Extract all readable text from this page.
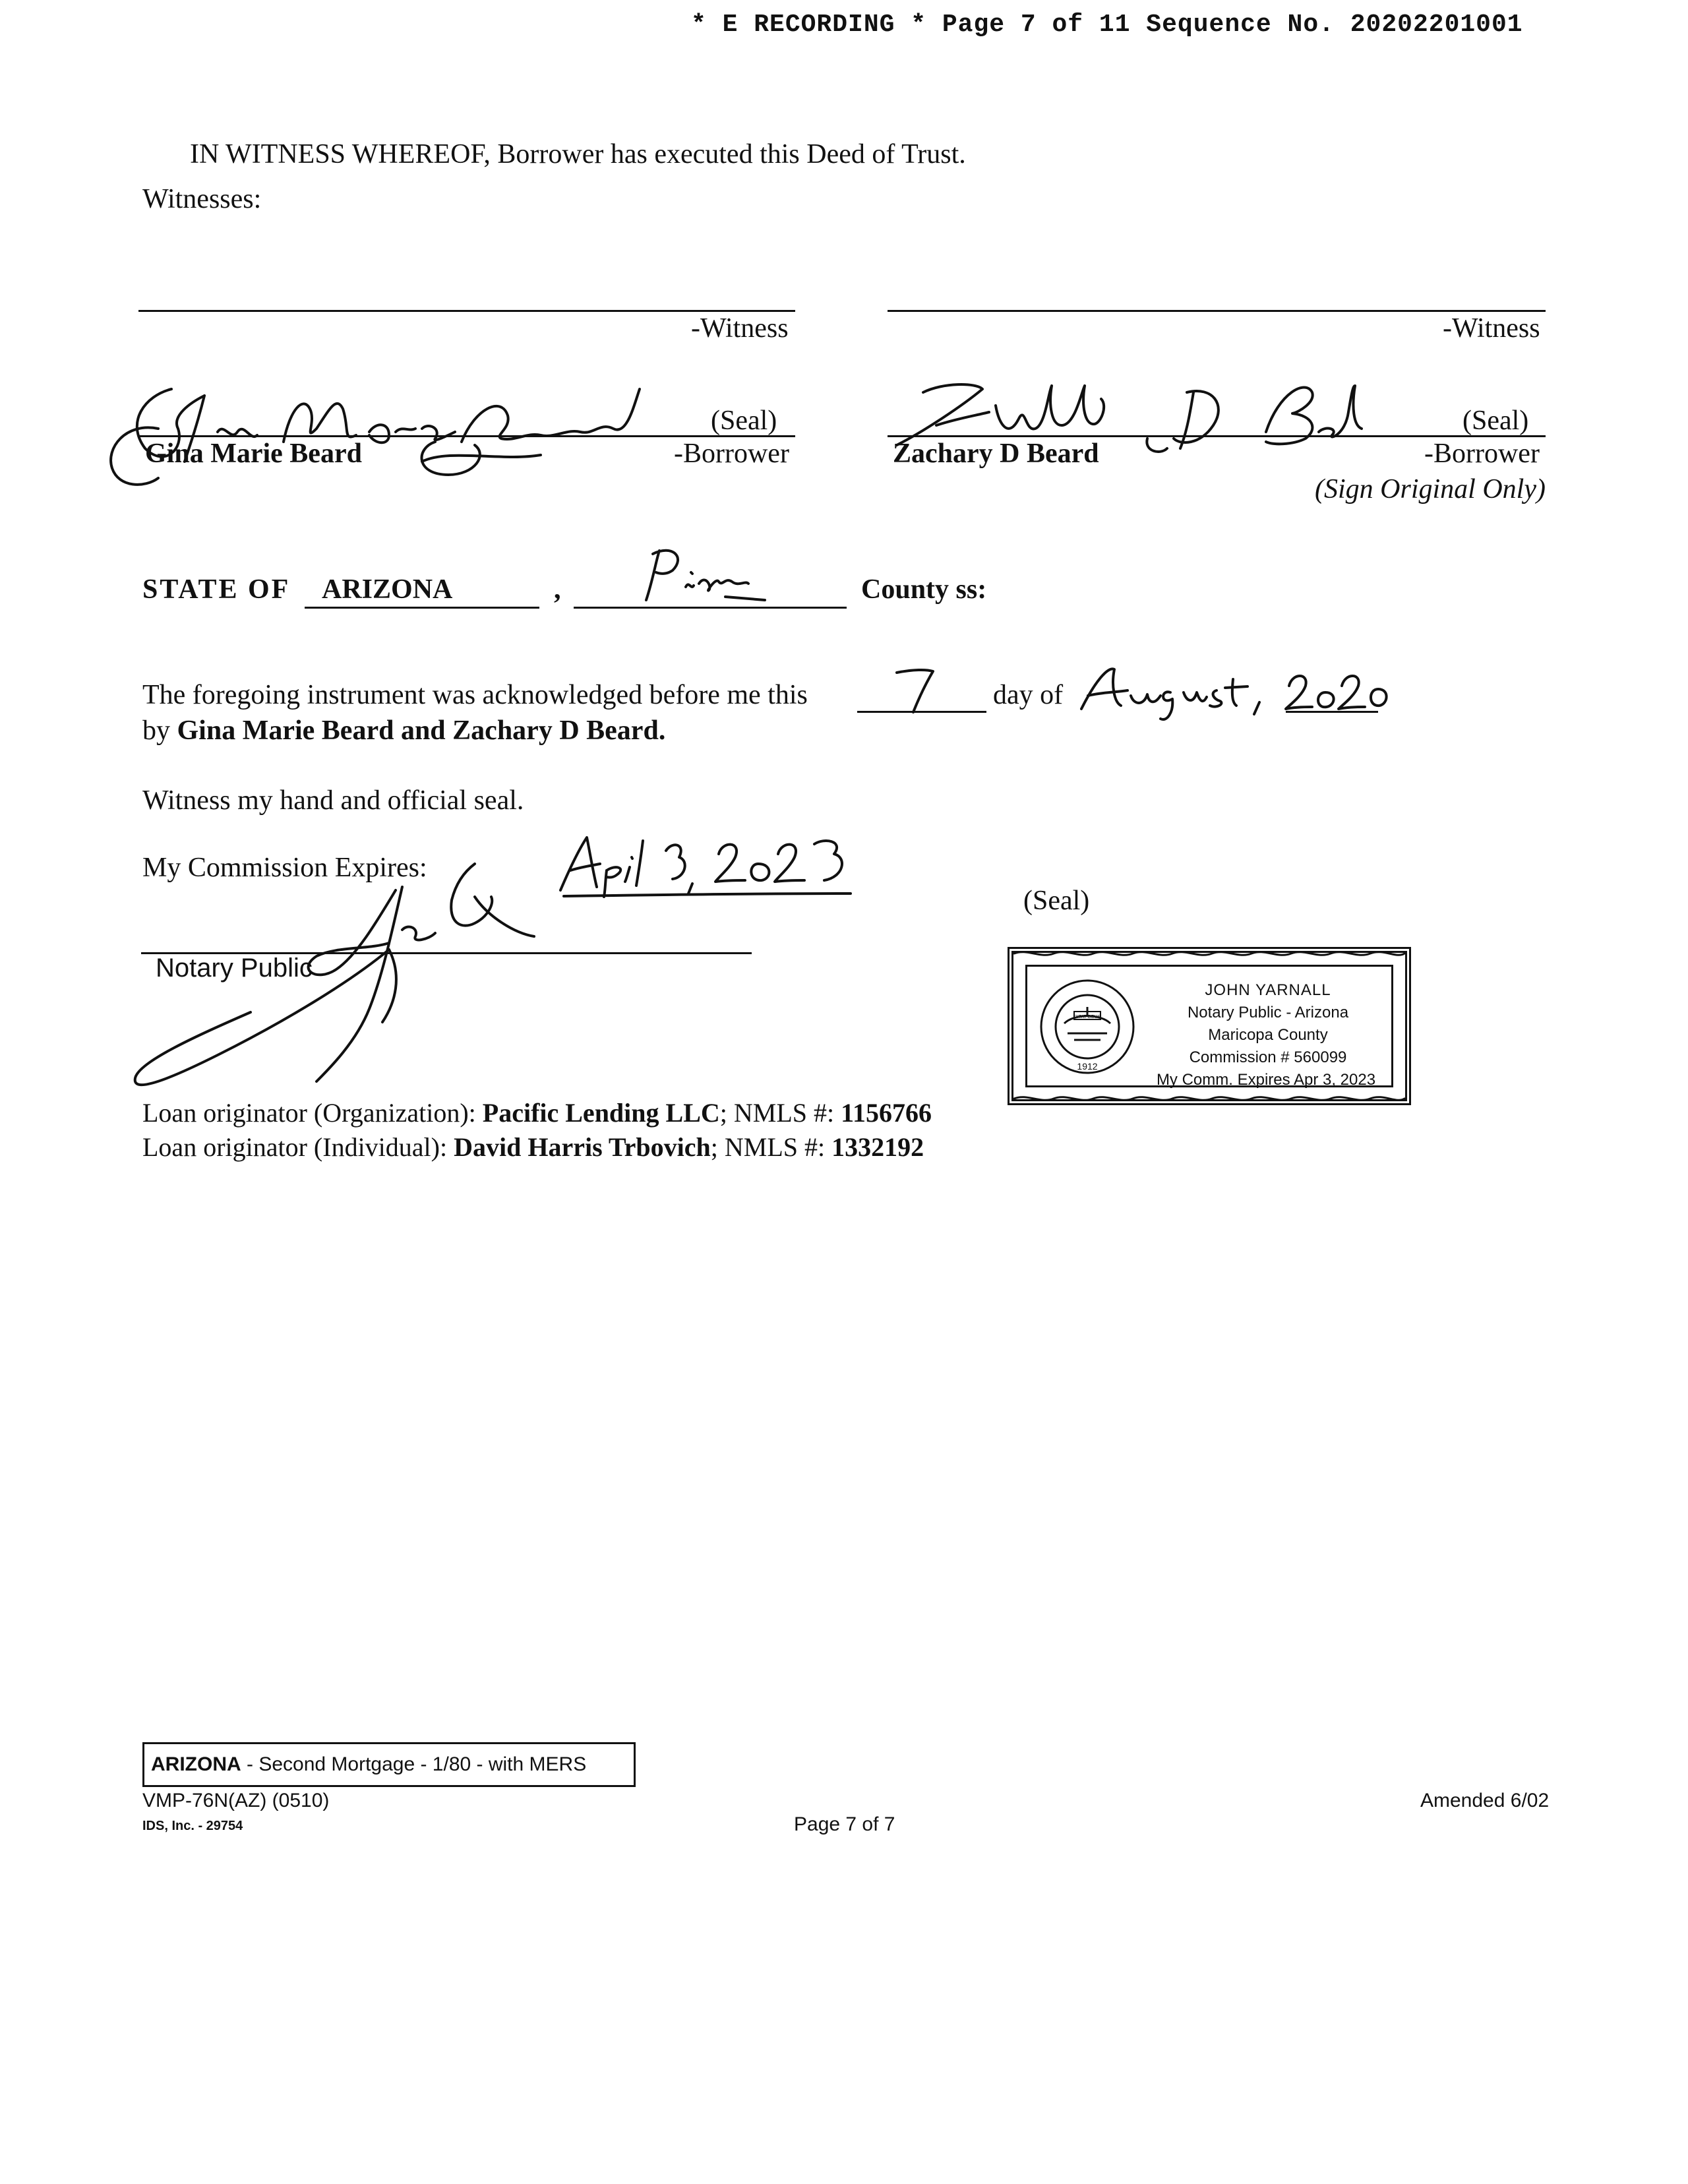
* E RECORDING * Page 7 of 11 Sequence No. 20202201001
IN WITNESS WHEREOF, Borrower has executed this Deed of Trust.
Witnesses:
-Witness	-Witness
(Seal)
Gina Marie Beard	-Borrower
(Seal)
Zachary D Beard	-Borrower
(Sign Original Only)
STATE OF ARIZONA	,	County ss:
The foregoing instrument was acknowledged before me this	day of
by Gina Marie Beard and Zachary D Beard.
Witness my hand and official seal.
My Commission Expires:
Notary Public
(Seal)
1912
DITAT DEUS
JOHN YARNALL
Notary Public - Arizona
Maricopa County
Commission # 560099
My Comm. Expires Apr 3, 2023
Loan originator (Organization): Pacific Lending LLC; NMLS #: 1156766
Loan originator (Individual): David Harris Trbovich; NMLS #: 1332192
ARIZONA - Second Mortgage - 1/80 - with MERS
VMP-76N(AZ) (0510)
IDS, Inc. - 29754	Page 7 of 7
Amended 6/02
